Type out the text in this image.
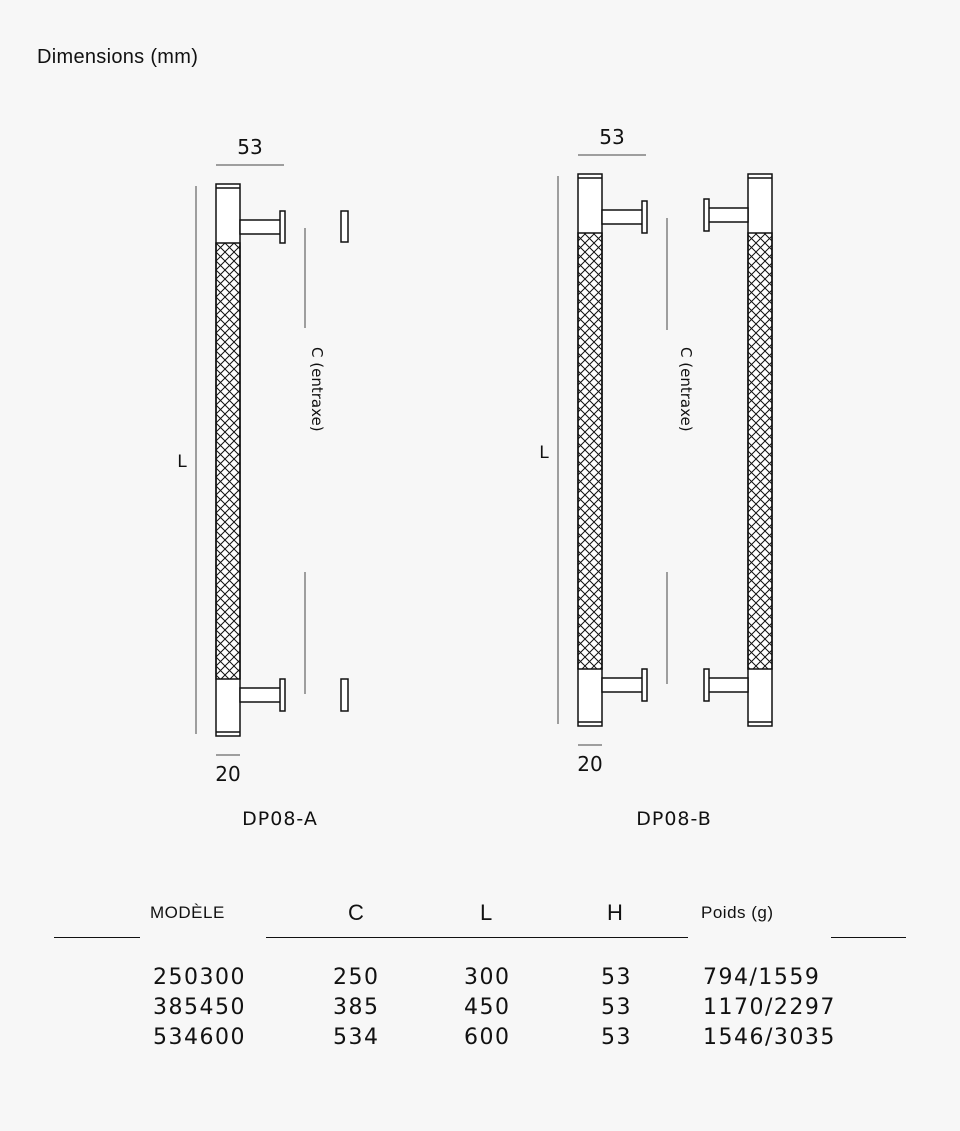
Dimensions (mm)
53
L
C (entraxe)
20
DP08-A
53
L
C (entraxe)
20
DP08-B
MODÈLE	C	L	H	Poids (g)
250300	250	300	53	794/1559
385450	385	450	53	1170/2297
534600	534	600	53	1546/3035
